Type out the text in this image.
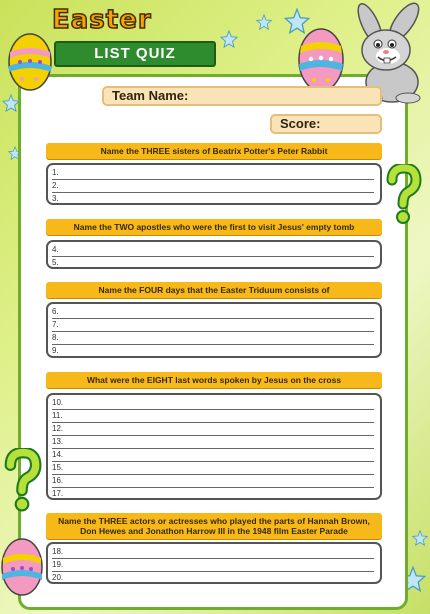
Easter
LIST QUIZ
Team Name:
Score:
Name the THREE sisters of Beatrix Potter's Peter Rabbit
1.
2.
3.
Name the TWO apostles who were the first to visit Jesus' empty tomb
4.
5.
Name the FOUR days that the Easter Triduum consists of
6.
7.
8.
9.
What were the EIGHT last words spoken by Jesus on the cross
10.
11.
12.
13.
14.
15.
16.
17.
Name the THREE actors or actresses who played the parts of Hannah Brown, Don Hewes and Jonathon Harrow III in the 1948 film Easter Parade
18.
19.
20.
